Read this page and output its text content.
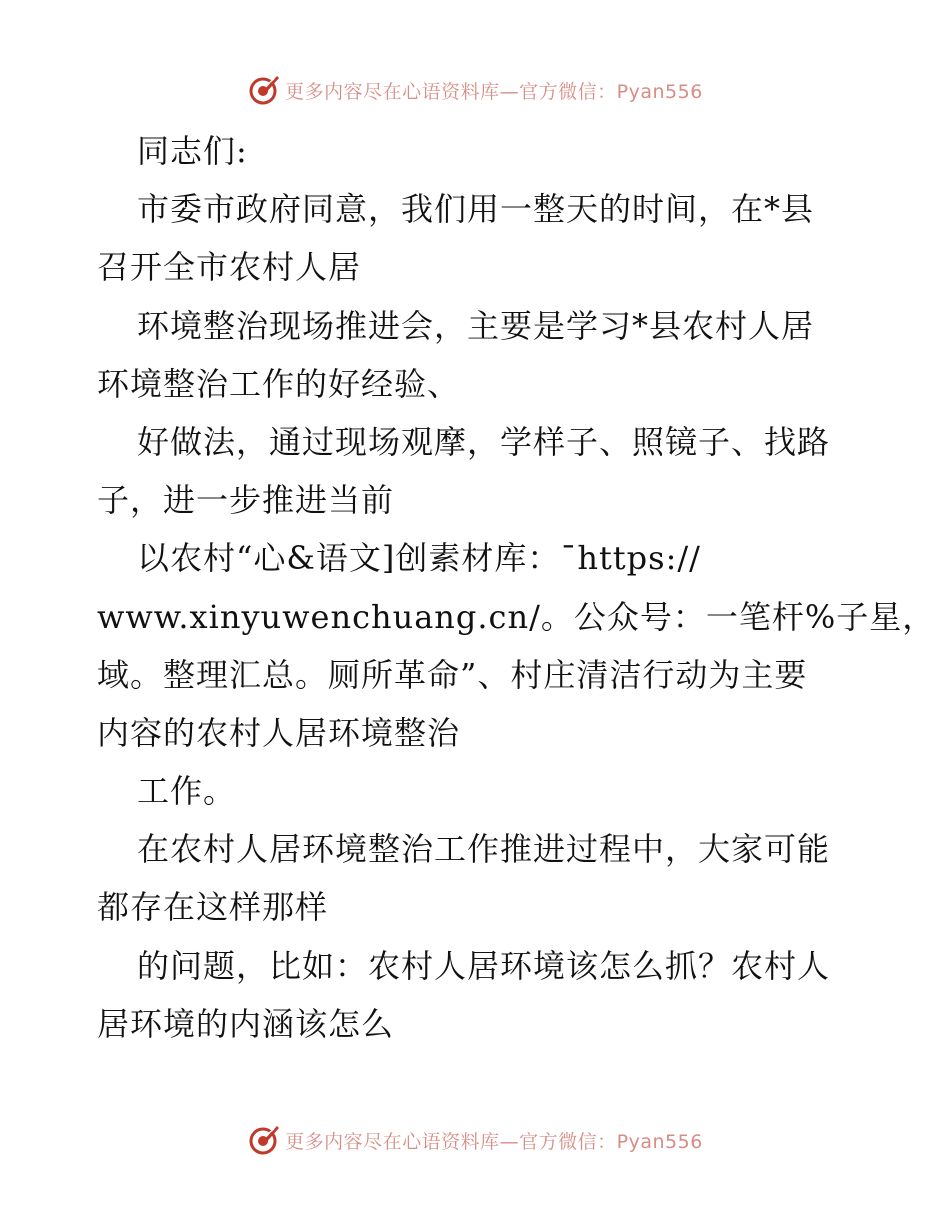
更多内容尽在心语资料库—官方微信：Pyan556
同志们:
市委市政府同意，我们用一整天的时间，在*县
召开全市农村人居
环境整治现场推进会，主要是学习*县农村人居
环境整治工作的好经验、
好做法，通过现场观摩，学样子、照镜子、找路
子，进一步推进当前
以农村“心&语文]创素材库：¯https://
www.xinyuwenchuang.cn/。公众号：一笔杆%子星，
域。整理汇总。厕所革命”、村庄清洁行动为主要
内容的农村人居环境整治
工作。
在农村人居环境整治工作推进过程中，大家可能
都存在这样那样
的问题，比如：农村人居环境该怎么抓？农村人
居环境的内涵该怎么
更多内容尽在心语资料库—官方微信：Pyan556
